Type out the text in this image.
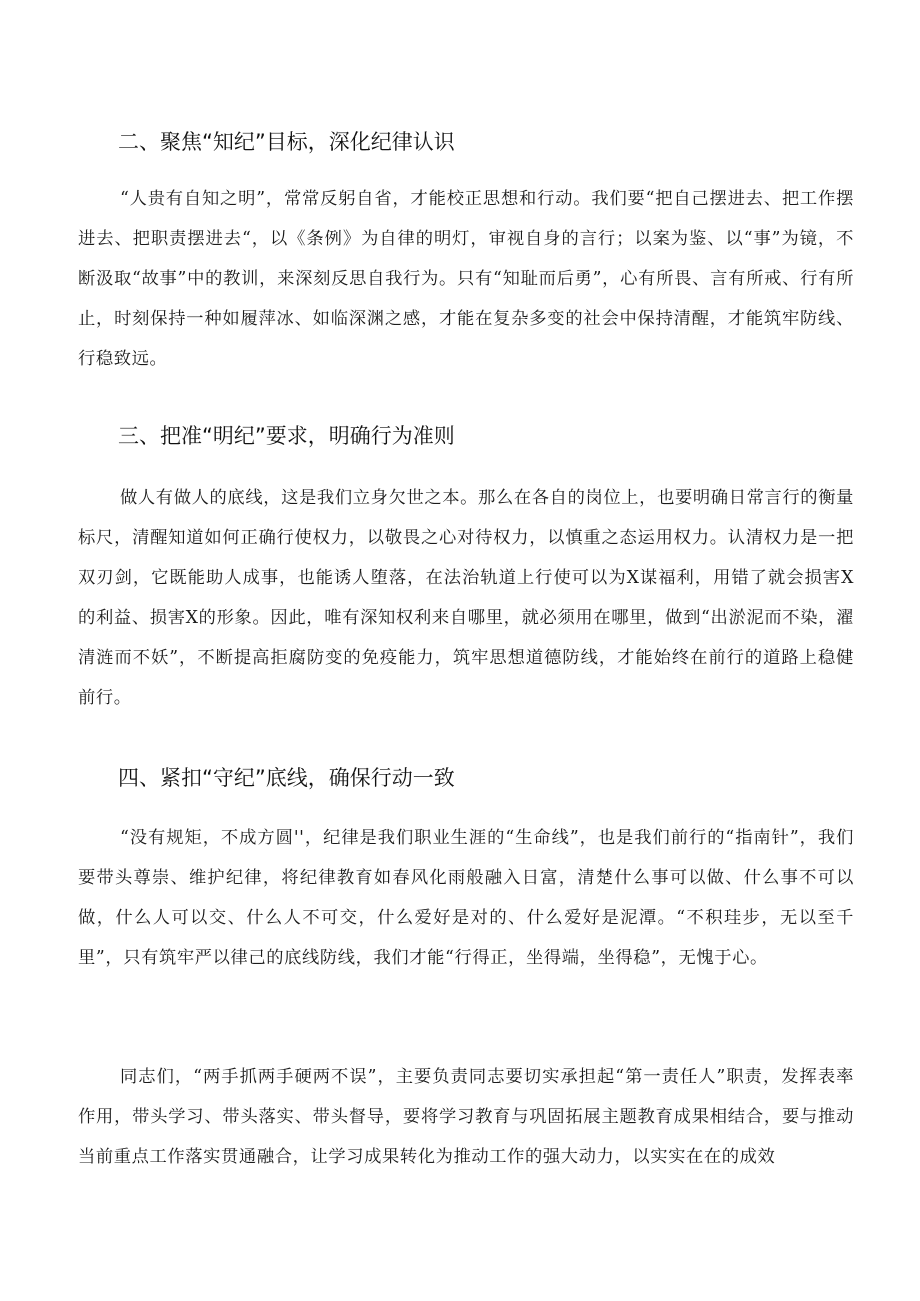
二、聚焦“知纪”目标，深化纪律认识

“人贵有自知之明”，常常反躬自省，才能校正思想和行动。我们要“把自己摆进去、把工作摆进去、把职责摆进去“，以《条例》为自律的明灯，审视自身的言行；以案为鉴、以“事”为镜，不断汲取“故事”中的教训，来深刻反思自我行为。只有“知耻而后勇”，心有所畏、言有所戒、行有所止，时刻保持一种如履萍冰、如临深渊之感，才能在复杂多变的社会中保持清醒，才能筑牢防线、行稳致远。

三、把准“明纪”要求，明确行为准则

做人有做人的底线，这是我们立身欠世之本。那么在各自的岗位上，也要明确日常言行的衡量标尺，清醒知道如何正确行使权力，以敬畏之心对待权力，以慎重之态运用权力。认清权力是一把双刃剑，它既能助人成事，也能诱人堕落，在法治轨道上行使可以为X谋福利，用错了就会损害X的利益、损害X的形象。因此，唯有深知权利来自哪里，就必须用在哪里，做到“出淤泥而不染，濯清涟而不妖”，不断提高拒腐防变的免疫能力，筑牢思想道德防线，才能始终在前行的道路上稳健前行。

四、紧扣“守纪”底线，确保行动一致

“没有规矩，不成方圆''，纪律是我们职业生涯的“生命线”，也是我们前行的“指南针”，我们要带头尊崇、维护纪律，将纪律教育如春风化雨般融入日富，清楚什么事可以做、什么事不可以做，什么人可以交、什么人不可交，什么爱好是对的、什么爱好是泥潭。“不积珪步，无以至千里”，只有筑牢严以律己的底线防线，我们才能“行得正，坐得端，坐得稳”，无愧于心。

同志们，“两手抓两手硬两不误”，主要负责同志要切实承担起“第一责任人”职责，发挥表率作用，带头学习、带头落实、带头督导，要将学习教育与巩固拓展主题教育成果相结合，要与推动当前重点工作落实贯通融合，让学习成果转化为推动工作的强大动力，以实实在在的成效
